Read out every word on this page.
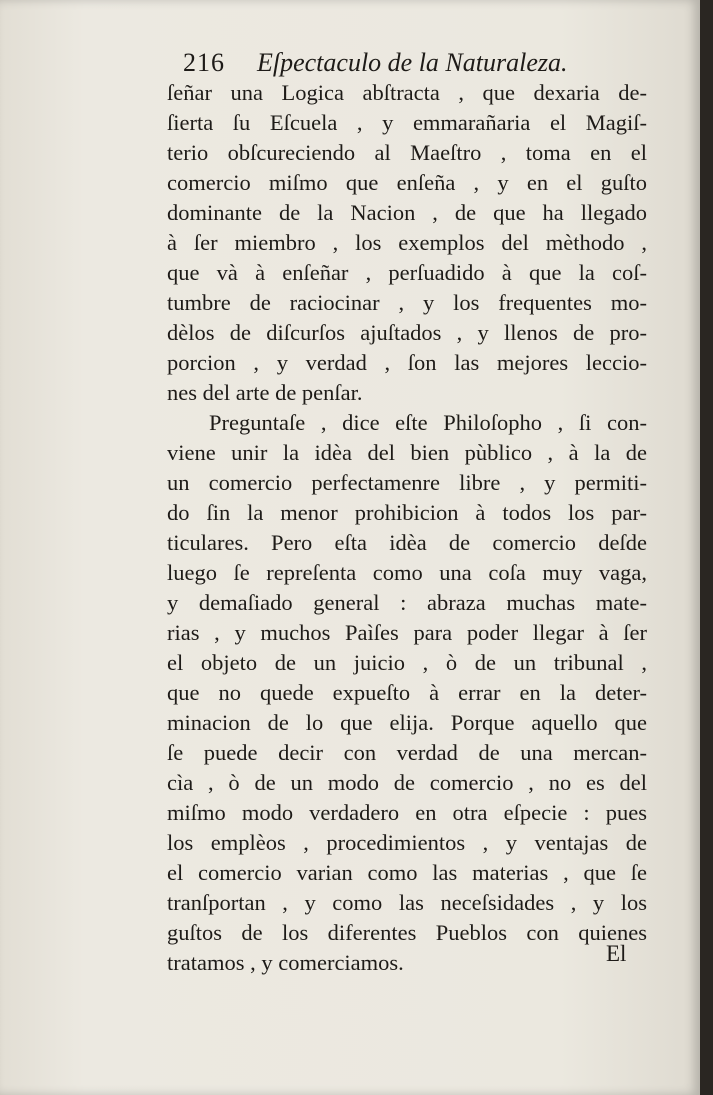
216 Eſpectaculo de la Naturaleza.
ſeñar una Logica abſtracta , que dexaria de-
ſierta ſu Eſcuela , y emmarañaria el Magiſ-
terio obſcureciendo al Maeſtro , toma en el
comercio miſmo que enſeña , y en el guſto
dominante de la Nacion , de que ha llegado
à ſer miembro , los exemplos del mèthodo ,
que và à enſeñar , perſuadido à que la coſ-
tumbre de raciocinar , y los frequentes mo-
dèlos de diſcurſos ajuſtados , y llenos de pro-
porcion , y verdad , ſon las mejores leccio-
nes del arte de penſar.
Preguntaſe , dice eſte Philoſopho , ſi con-
viene unir la idèa del bien pùblico , à la de
un comercio perfectamenre libre , y permiti-
do ſin la menor prohibicion à todos los par-
ticulares. Pero eſta idèa de comercio deſde
luego ſe repreſenta como una coſa muy vaga,
y demaſiado general : abraza muchas mate-
rias , y muchos Paìſes para poder llegar à ſer
el objeto de un juicio , ò de un tribunal ,
que no quede expueſto à errar en la deter-
minacion de lo que elija. Porque aquello que
ſe puede decir con verdad de una mercan-
cìa , ò de un modo de comercio , no es del
miſmo modo verdadero en otra eſpecie : pues
los emplèos , procedimientos , y ventajas de
el comercio varian como las materias , que ſe
tranſportan , y como las neceſsidades , y los
guſtos de los diferentes Pueblos con quienes
tratamos , y comerciamos.	El
